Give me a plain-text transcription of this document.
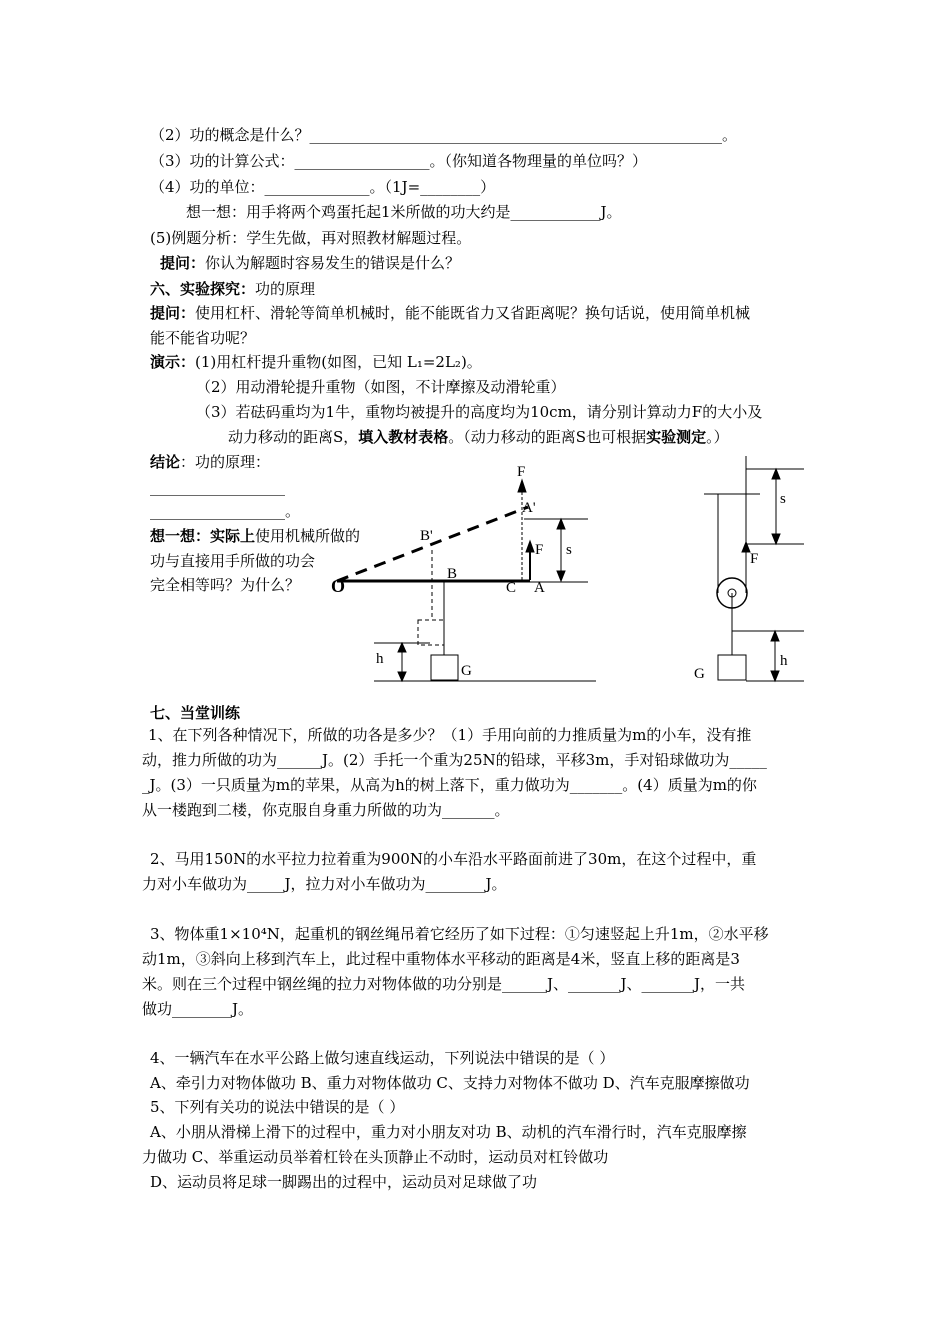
（2）功的概念是什么？_______________________________________________________。
（3）功的计算公式：__________________。（你知道各物理量的单位吗？）
（4）功的单位：______________。（1J=________）
想一想：用手将两个鸡蛋托起1米所做的功大约是____________J。
(5)例题分析：学生先做，再对照教材解题过程。
提问：你认为解题时容易发生的错误是什么？
六、实验探究：功的原理
提问：使用杠杆、滑轮等简单机械时，能不能既省力又省距离呢？换句话说，使用简单机械
能不能省功呢？
演示：(1)用杠杆提升重物(如图，已知 L₁=2L₂)。
（2）用动滑轮提升重物（如图，不计摩擦及动滑轮重）
（3）若砝码重均为1牛，重物均被提升的高度均为10cm，请分别计算动力F的大小及
动力移动的距离S，填入教材表格。（动力移动的距离S也可根据实验测定。）
结论：功的原理：
__________________
__________________。
想一想：实际上使用机械所做的
功与直接用手所做的功会
完全相等吗？为什么？
F
A'
B'
F s
O
B
C A
h
G
s
F
G
h
七、当堂训练
1、在下列各种情况下，所做的功各是多少？（1）手用向前的力推质量为m的小车，没有推
动，推力所做的功为______J。(2）手托一个重为25N的铅球，平移3m，手对铅球做功为_____
_J。(3）一只质量为m的苹果，从高为h的树上落下，重力做功为_______。(4）质量为m的你
从一楼跑到二楼，你克服自身重力所做的功为_______。
2、马用150N的水平拉力拉着重为900N的小车沿水平路面前进了30m，在这个过程中，重
力对小车做功为_____J，拉力对小车做功为________J。
3、物体重1×10⁴N，起重机的钢丝绳吊着它经历了如下过程：①匀速竖起上升1m，②水平移
动1m，③斜向上移到汽车上，此过程中重物体水平移动的距离是4米，竖直上移的距离是3
米。则在三个过程中钢丝绳的拉力对物体做的功分别是______J、_______J、_______J，一共
做功________J。
4、一辆汽车在水平公路上做匀速直线运动，下列说法中错误的是（ ）
A、牵引力对物体做功 B、重力对物体做功 C、支持力对物体不做功 D、汽车克服摩擦做功
5、下列有关功的说法中错误的是（ ）
A、小朋从滑梯上滑下的过程中，重力对小朋友对功 B、动机的汽车滑行时，汽车克服摩擦
力做功 C、举重运动员举着杠铃在头顶静止不动时，运动员对杠铃做功
D、运动员将足球一脚踢出的过程中，运动员对足球做了功
